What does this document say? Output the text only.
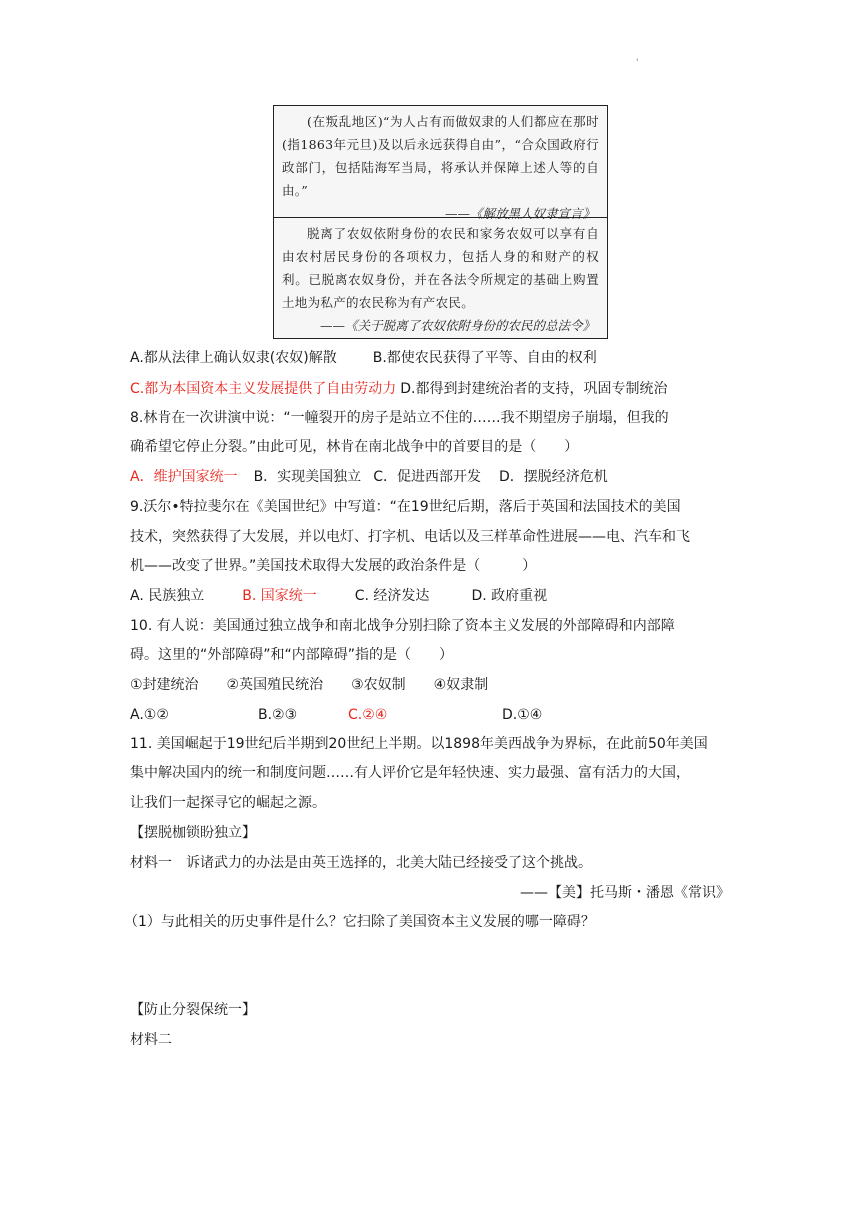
'
(在叛乱地区)“为人占有而做奴隶的人们都应在那时(指1863年元旦)及以后永远获得自由”，“合众国政府行政部门，包括陆海军当局，将承认并保障上述人等的自由。”
——《解放黑人奴隶宣言》
脱离了农奴依附身份的农民和家务农奴可以享有自由农村居民身份的各项权力，包括人身的和财产的权利。已脱离农奴身份，并在各法令所规定的基础上购置土地为私产的农民称为有产农民。
——《关于脱离了农奴依附身份的农民的总法令》
A.都从法律上确认奴隶(农奴)解散	B.都使农民获得了平等、自由的权利
C.都为本国资本主义发展提供了自由劳动力 D.都得到封建统治者的支持，巩固专制统治
8.林肯在一次讲演中说：“一幢裂开的房子是站立不住的……我不期望房子崩塌，但我的
确希望它停止分裂。”由此可见，林肯在南北战争中的首要目的是（　　）
A．维护国家统一 B．实现美国独立 C．促进西部开发 D．摆脱经济危机
9.沃尔•特拉斐尔在《美国世纪》中写道：“在19世纪后期，落后于英国和法国技术的美国
技术，突然获得了大发展，并以电灯、打字机、电话以及三样革命性进展——电、汽车和飞
机——改变了世界。”美国技术取得大发展的政治条件是（　　　）
A. 民族独立	B. 国家统一	C. 经济发达	D. 政府重视
10. 有人说：美国通过独立战争和南北战争分别扫除了资本主义发展的外部障碍和内部障
碍。这里的“外部障碍”和“内部障碍”指的是（　　）
①封建统治　　②英国殖民统治　　③农奴制　　④奴隶制
A.①②	B.②③	C.②④	D.①④
11. 美国崛起于19世纪后半期到20世纪上半期。以1898年美西战争为界标，在此前50年美国
集中解决国内的统一和制度问题……有人评价它是年轻快速、实力最强、富有活力的大国，
让我们一起探寻它的崛起之源。
【摆脱枷锁盼独立】
材料一　诉诸武力的办法是由英王选择的，北美大陆已经接受了这个挑战。
——【美】托马斯・潘恩《常识》
（1）与此相关的历史事件是什么？它扫除了美国资本主义发展的哪一障碍？
【防止分裂保统一】
材料二
